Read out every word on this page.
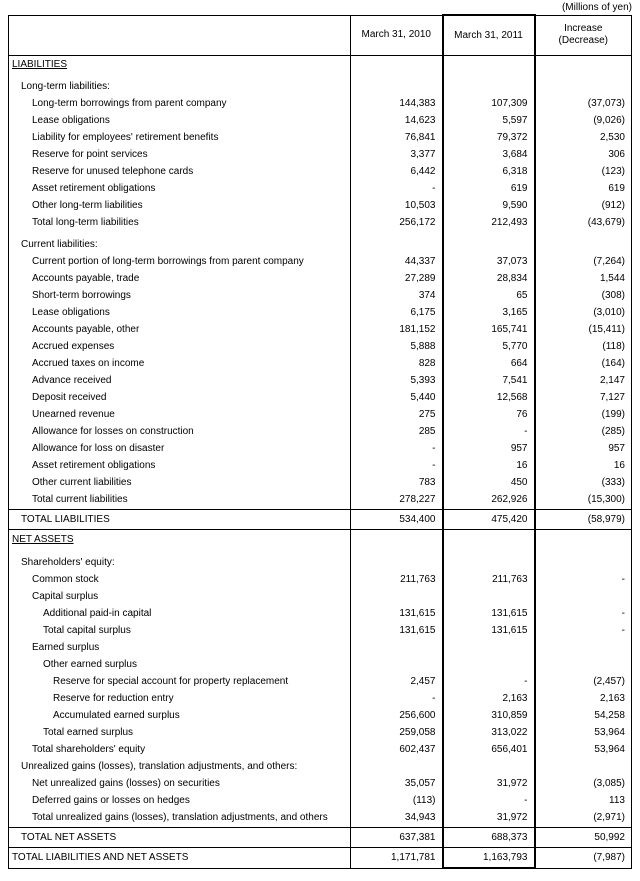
(Millions of yen)
	March 31, 2010	March 31, 2011	Increase
(Decrease)
LIABILITIES			

Long-term liabilities:			
Long-term borrowings from parent company	144,383	107,309	(37,073)
Lease obligations	14,623	5,597	(9,026)
Liability for employees' retirement benefits	76,841	79,372	2,530
Reserve for point services	3,377	3,684	306
Reserve for unused telephone cards	6,442	6,318	(123)
Asset retirement obligations	-	619	619
Other long-term liabilities	10,503	9,590	(912)
Total long-term liabilities	256,172	212,493	(43,679)

Current liabilities:			
Current portion of long-term borrowings from parent company	44,337	37,073	(7,264)
Accounts payable, trade	27,289	28,834	1,544
Short-term borrowings	374	65	(308)
Lease obligations	6,175	3,165	(3,010)
Accounts payable, other	181,152	165,741	(15,411)
Accrued expenses	5,888	5,770	(118)
Accrued taxes on income	828	664	(164)
Advance received	5,393	7,541	2,147
Deposit received	5,440	12,568	7,127
Unearned revenue	275	76	(199)
Allowance for losses on construction	285	-	(285)
Allowance for loss on disaster	-	957	957
Asset retirement obligations	-	16	16
Other current liabilities	783	450	(333)
Total current liabilities	278,227	262,926	(15,300)
TOTAL LIABILITIES	534,400	475,420	(58,979)
NET ASSETS			

Shareholders' equity:			
Common stock	211,763	211,763	-
Capital surplus			
Additional paid-in capital	131,615	131,615	-
Total capital surplus	131,615	131,615	-
Earned surplus			
Other earned surplus			
Reserve for special account for property replacement	2,457	-	(2,457)
Reserve for reduction entry	-	2,163	2,163
Accumulated earned surplus	256,600	310,859	54,258
Total earned surplus	259,058	313,022	53,964
Total shareholders' equity	602,437	656,401	53,964
Unrealized gains (losses), translation adjustments, and others:			
Net unrealized gains (losses) on securities	35,057	31,972	(3,085)
Deferred gains or losses on hedges	(113)	-	113
Total unrealized gains (losses), translation adjustments, and others	34,943	31,972	(2,971)
TOTAL NET ASSETS	637,381	688,373	50,992
TOTAL LIABILITIES AND NET ASSETS	1,171,781	1,163,793	(7,987)
